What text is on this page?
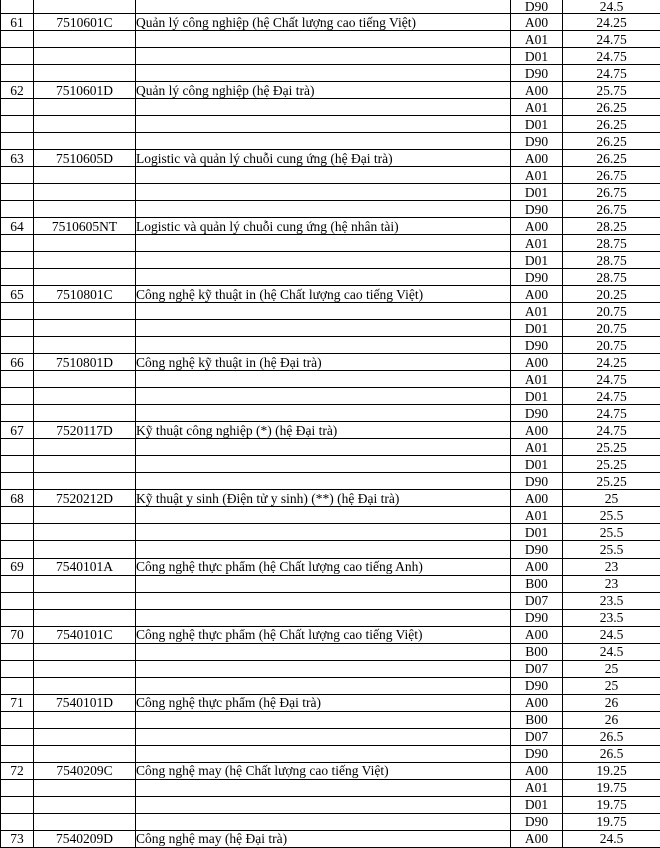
			D90	24.5
61	7510601C	Quản lý công nghiệp (hệ Chất lượng cao tiếng Việt)	A00	24.25
			A01	24.75
			D01	24.75
			D90	24.75
62	7510601D	Quản lý công nghiệp (hệ Đại trà)	A00	25.75
			A01	26.25
			D01	26.25
			D90	26.25
63	7510605D	Logistic và quản lý chuỗi cung ứng (hệ Đại trà)	A00	26.25
			A01	26.75
			D01	26.75
			D90	26.75
64	7510605NT	Logistic và quản lý chuỗi cung ứng (hệ nhân tài)	A00	28.25
			A01	28.75
			D01	28.75
			D90	28.75
65	7510801C	Công nghệ kỹ thuật in (hệ Chất lượng cao tiếng Việt)	A00	20.25
			A01	20.75
			D01	20.75
			D90	20.75
66	7510801D	Công nghệ kỹ thuật in (hệ Đại trà)	A00	24.25
			A01	24.75
			D01	24.75
			D90	24.75
67	7520117D	Kỹ thuật công nghiệp (*) (hệ Đại trà)	A00	24.75
			A01	25.25
			D01	25.25
			D90	25.25
68	7520212D	Kỹ thuật y sinh (Điện tử y sinh) (**) (hệ Đại trà)	A00	25
			A01	25.5
			D01	25.5
			D90	25.5
69	7540101A	Công nghệ thực phẩm (hệ Chất lượng cao tiếng Anh)	A00	23
			B00	23
			D07	23.5
			D90	23.5
70	7540101C	Công nghệ thực phẩm (hệ Chất lượng cao tiếng Việt)	A00	24.5
			B00	24.5
			D07	25
			D90	25
71	7540101D	Công nghệ thực phẩm (hệ Đại trà)	A00	26
			B00	26
			D07	26.5
			D90	26.5
72	7540209C	Công nghệ may (hệ Chất lượng cao tiếng Việt)	A00	19.25
			A01	19.75
			D01	19.75
			D90	19.75
73	7540209D	Công nghệ may (hệ Đại trà)	A00	24.5
